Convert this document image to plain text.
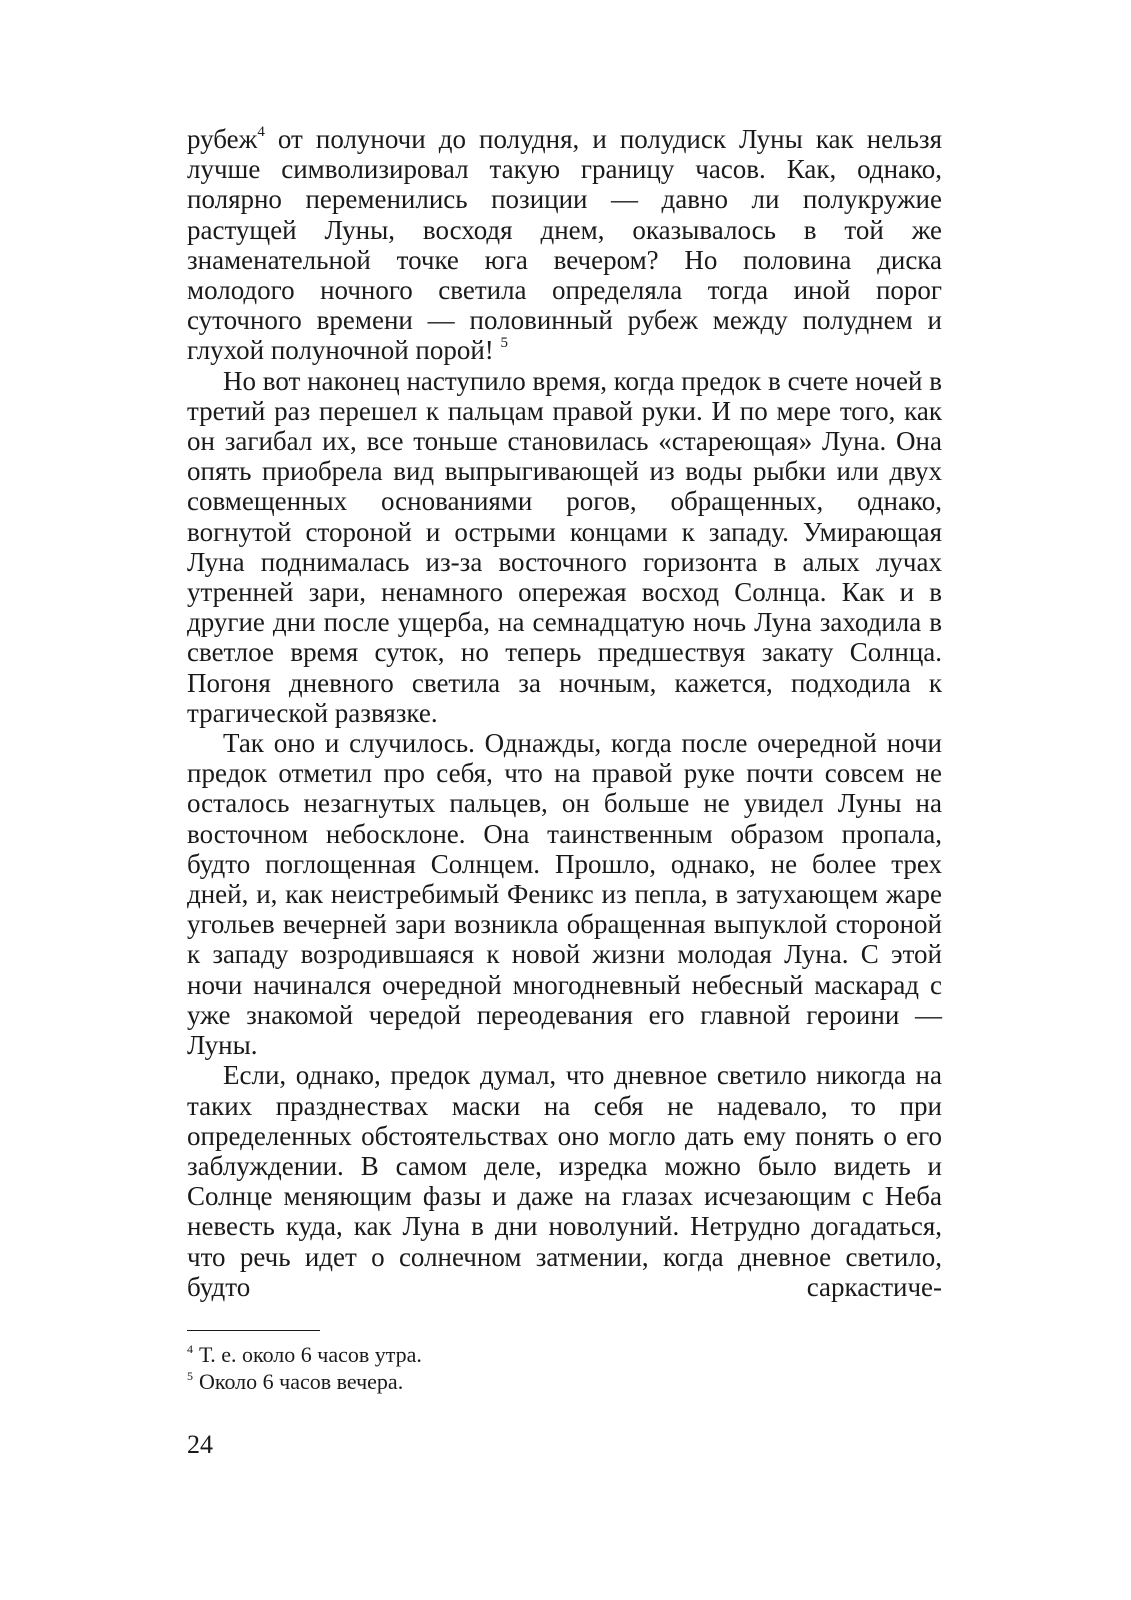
рубеж$^4$ от полуночи до полудня, и полудиск Луны как нельзя лучше символизировал такую границу часов. Как, однако, полярно переменились позиции — давно ли полукружие растущей Луны, восходя днем, оказывалось в той же знаменательной точке юга вечером? Но половина диска молодого ночного светила определяла тогда иной порог суточного времени — половинный рубеж между полуднем и глухой полуночной порой! $^5$

Но вот наконец наступило время, когда предок в счете ночей в третий раз перешел к пальцам правой руки. И по мере того, как он загибал их, все тоньше становилась «стареющая» Луна. Она опять приобрела вид выпрыгивающей из воды рыбки или двух совмещенных основаниями рогов, обращенных, однако, вогнутой стороной и острыми концами к западу. Умирающая Луна поднималась из-за восточного горизонта в алых лучах утренней зари, ненамного опережая восход Солнца. Как и в другие дни после ущерба, на семнадцатую ночь Луна заходила в светлое время суток, но теперь предшествуя закату Солнца. Погоня дневного светила за ночным, кажется, подходила к трагической развязке.

Так оно и случилось. Однажды, когда после очередной ночи предок отметил про себя, что на правой руке почти совсем не осталось незагнутых пальцев, он больше не увидел Луны на восточном небосклоне. Она таинственным образом пропала, будто поглощенная Солнцем. Прошло, однако, не более трех дней, и, как неистребимый Феникс из пепла, в затухающем жаре угольев вечерней зари возникла обращенная выпуклой стороной к западу возродившаяся к новой жизни молодая Луна. С этой ночи начинался очередной многодневный небесный маскарад с уже знакомой чередой переодевания его главной героини — Луны.

Если, однако, предок думал, что дневное светило никогда на таких празднествах маски на себя не надевало, то при определенных обстоятельствах оно могло дать ему понять о его заблуждении. В самом деле, изредка можно было видеть и Солнце меняющим фазы и даже на глазах исчезающим с Неба невесть куда, как Луна в дни новолуний. Нетрудно догадаться, что речь идет о солнечном затмении, когда дневное светило, будто саркастиче-

$^4$ Т. е. около 6 часов утра.

$^5$ Около 6 часов вечера.

24
